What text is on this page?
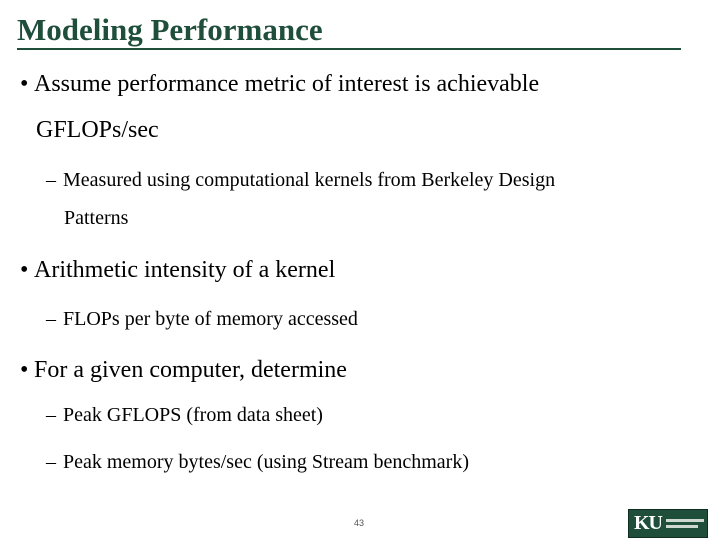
Modeling Performance
• Assume performance metric of interest is achievable
GFLOPs/sec
– Measured using computational kernels from Berkeley Design
Patterns
• Arithmetic intensity of a kernel
– FLOPs per byte of memory accessed
• For a given computer, determine
– Peak GFLOPS (from data sheet)
– Peak memory bytes/sec (using Stream benchmark)
43	KU
